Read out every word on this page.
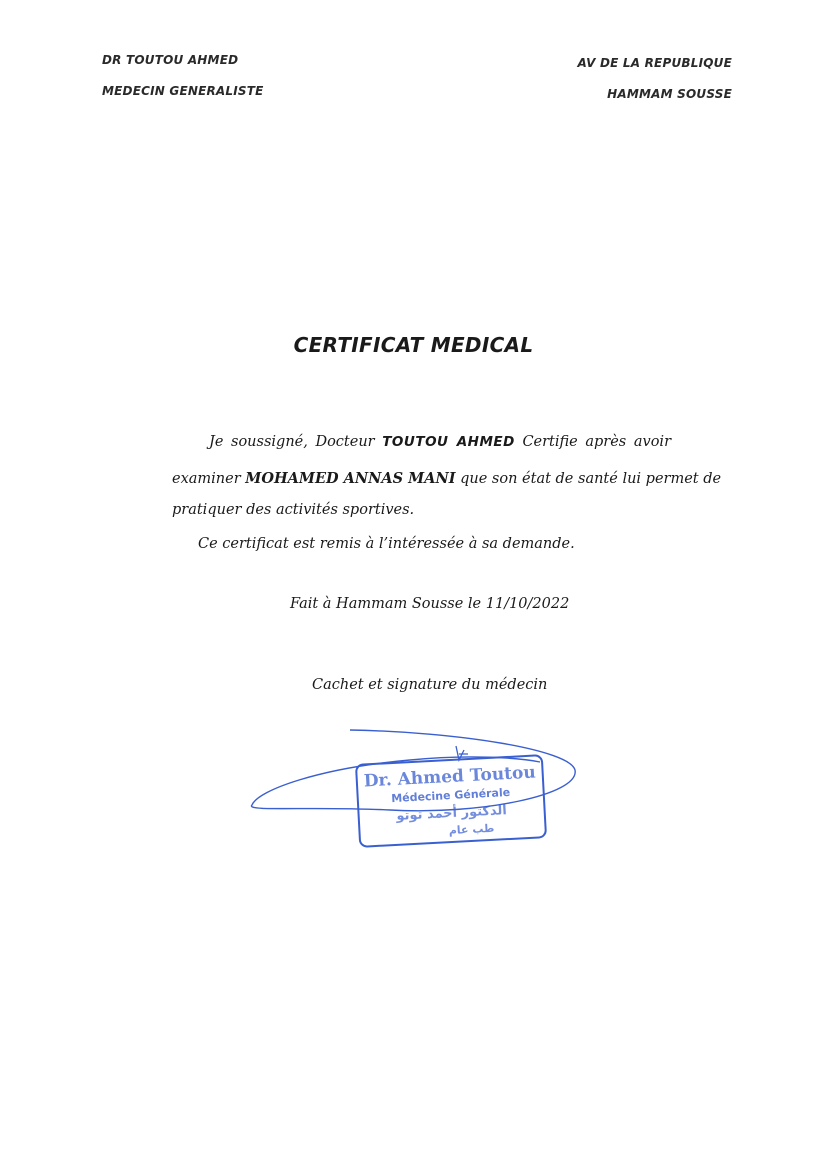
DR TOUTOU AHMED
MEDECIN GENERALISTE
AV DE LA REPUBLIQUE
HAMMAM SOUSSE
CERTIFICAT MEDICAL
Je soussigné, Docteur TOUTOU AHMED Certifie après avoir
examiner MOHAMED ANNAS MANI que son état de santé lui permet de
pratiquer des activités sportives.
Ce certificat est remis à l’intéressée à sa demande.
Fait à Hammam Sousse le 11/10/2022
Cachet et signature du médecin
Dr. Ahmed Toutou
Médecine Générale
الدكتور أحمد توتو
طب عام
